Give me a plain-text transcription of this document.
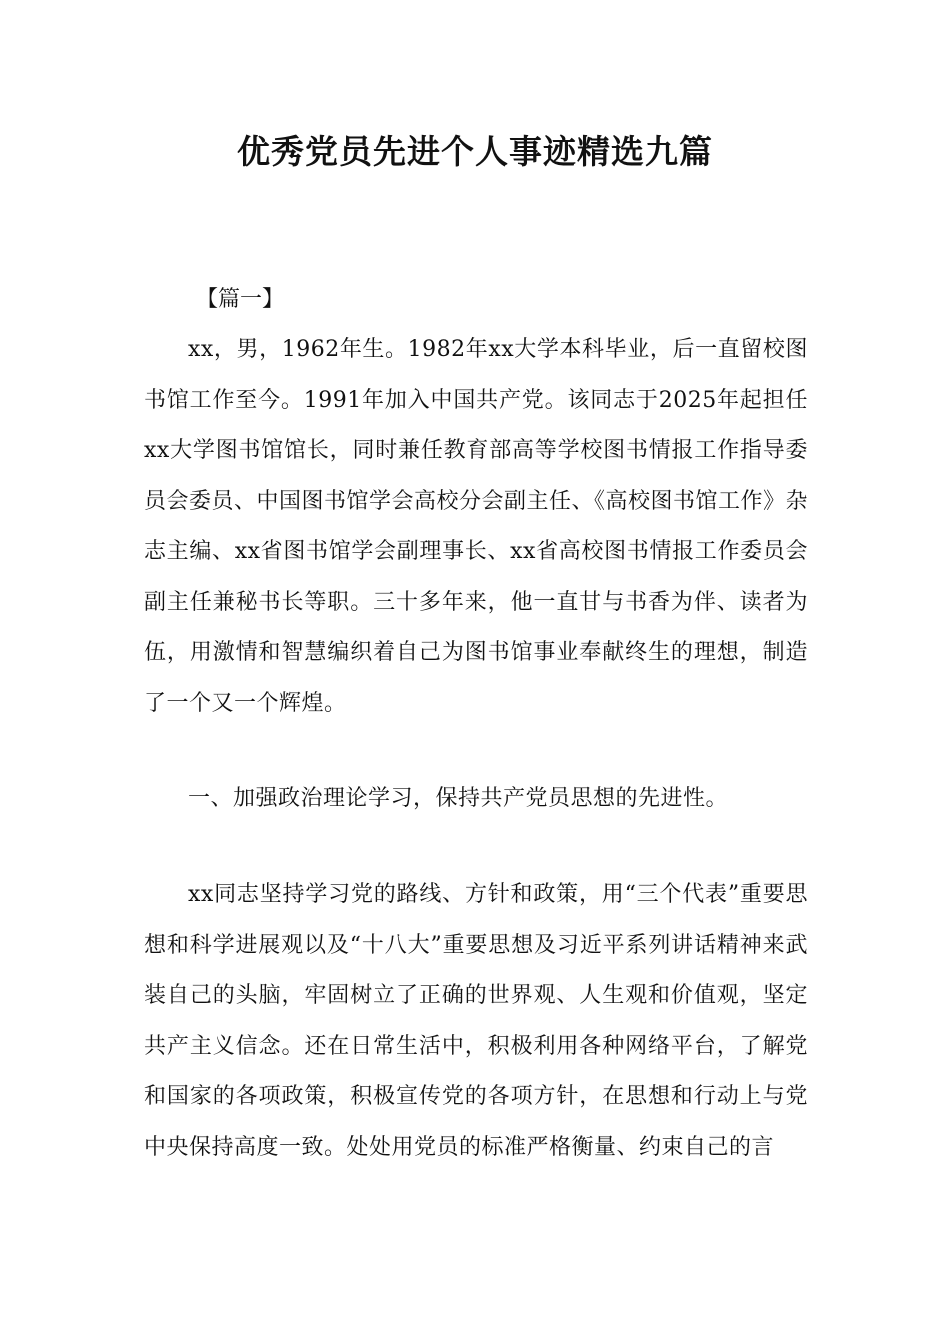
优秀党员先进个人事迹精选九篇

【篇一】

xx，男，1962年生。1982年xx大学本科毕业，后一直留校图书馆工作至今。1991年加入中国共产党。该同志于2025年起担任xx大学图书馆馆长，同时兼任教育部高等学校图书情报工作指导委员会委员、中国图书馆学会高校分会副主任、《高校图书馆工作》杂志主编、xx省图书馆学会副理事长、xx省高校图书情报工作委员会副主任兼秘书长等职。三十多年来，他一直甘与书香为伴、读者为伍，用激情和智慧编织着自己为图书馆事业奉献终生的理想，制造了一个又一个辉煌。

一、加强政治理论学习，保持共产党员思想的先进性。

xx同志坚持学习党的路线、方针和政策，用“三个代表”重要思想和科学进展观以及“十八大”重要思想及习近平系列讲话精神来武装自己的头脑，牢固树立了正确的世界观、人生观和价值观，坚定共产主义信念。还在日常生活中，积极利用各种网络平台，了解党和国家的各项政策，积极宣传党的各项方针，在思想和行动上与党中央保持高度一致。处处用党员的标准严格衡量、约束自己的言
